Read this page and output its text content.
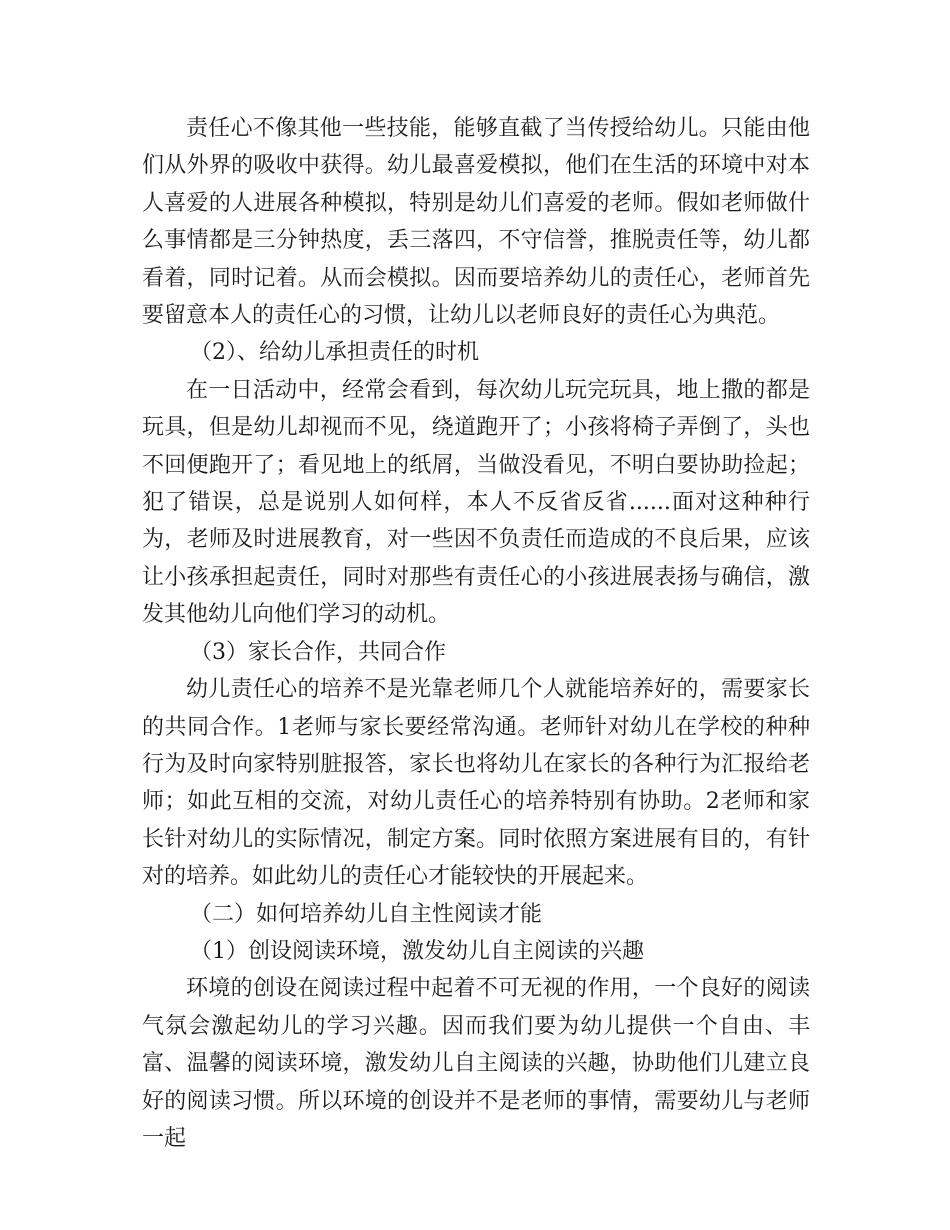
责任心不像其他一些技能，能够直截了当传授给幼儿。只能由他们从外界的吸收中获得。幼儿最喜爱模拟，他们在生活的环境中对本人喜爱的人进展各种模拟，特别是幼儿们喜爱的老师。假如老师做什么事情都是三分钟热度，丢三落四，不守信誉，推脱责任等，幼儿都看着，同时记着。从而会模拟。因而要培养幼儿的责任心，老师首先要留意本人的责任心的习惯，让幼儿以老师良好的责任心为典范。

（2）、给幼儿承担责任的时机

在一日活动中，经常会看到，每次幼儿玩完玩具，地上撒的都是玩具，但是幼儿却视而不见，绕道跑开了；小孩将椅子弄倒了，头也不回便跑开了；看见地上的纸屑，当做没看见，不明白要协助捡起；犯了错误，总是说别人如何样，本人不反省反省......面对这种种行为，老师及时进展教育，对一些因不负责任而造成的不良后果，应该让小孩承担起责任，同时对那些有责任心的小孩进展表扬与确信，激发其他幼儿向他们学习的动机。

（3）家长合作，共同合作

幼儿责任心的培养不是光靠老师几个人就能培养好的，需要家长的共同合作。1老师与家长要经常沟通。老师针对幼儿在学校的种种行为及时向家特别脏报答，家长也将幼儿在家长的各种行为汇报给老师；如此互相的交流，对幼儿责任心的培养特别有协助。2老师和家长针对幼儿的实际情况，制定方案。同时依照方案进展有目的，有针对的培养。如此幼儿的责任心才能较快的开展起来。

（二）如何培养幼儿自主性阅读才能

（1）创设阅读环境，激发幼儿自主阅读的兴趣

环境的创设在阅读过程中起着不可无视的作用，一个良好的阅读气氛会激起幼儿的学习兴趣。因而我们要为幼儿提供一个自由、丰富、温馨的阅读环境，激发幼儿自主阅读的兴趣，协助他们儿建立良好的阅读习惯。所以环境的创设并不是老师的事情，需要幼儿与老师一起
